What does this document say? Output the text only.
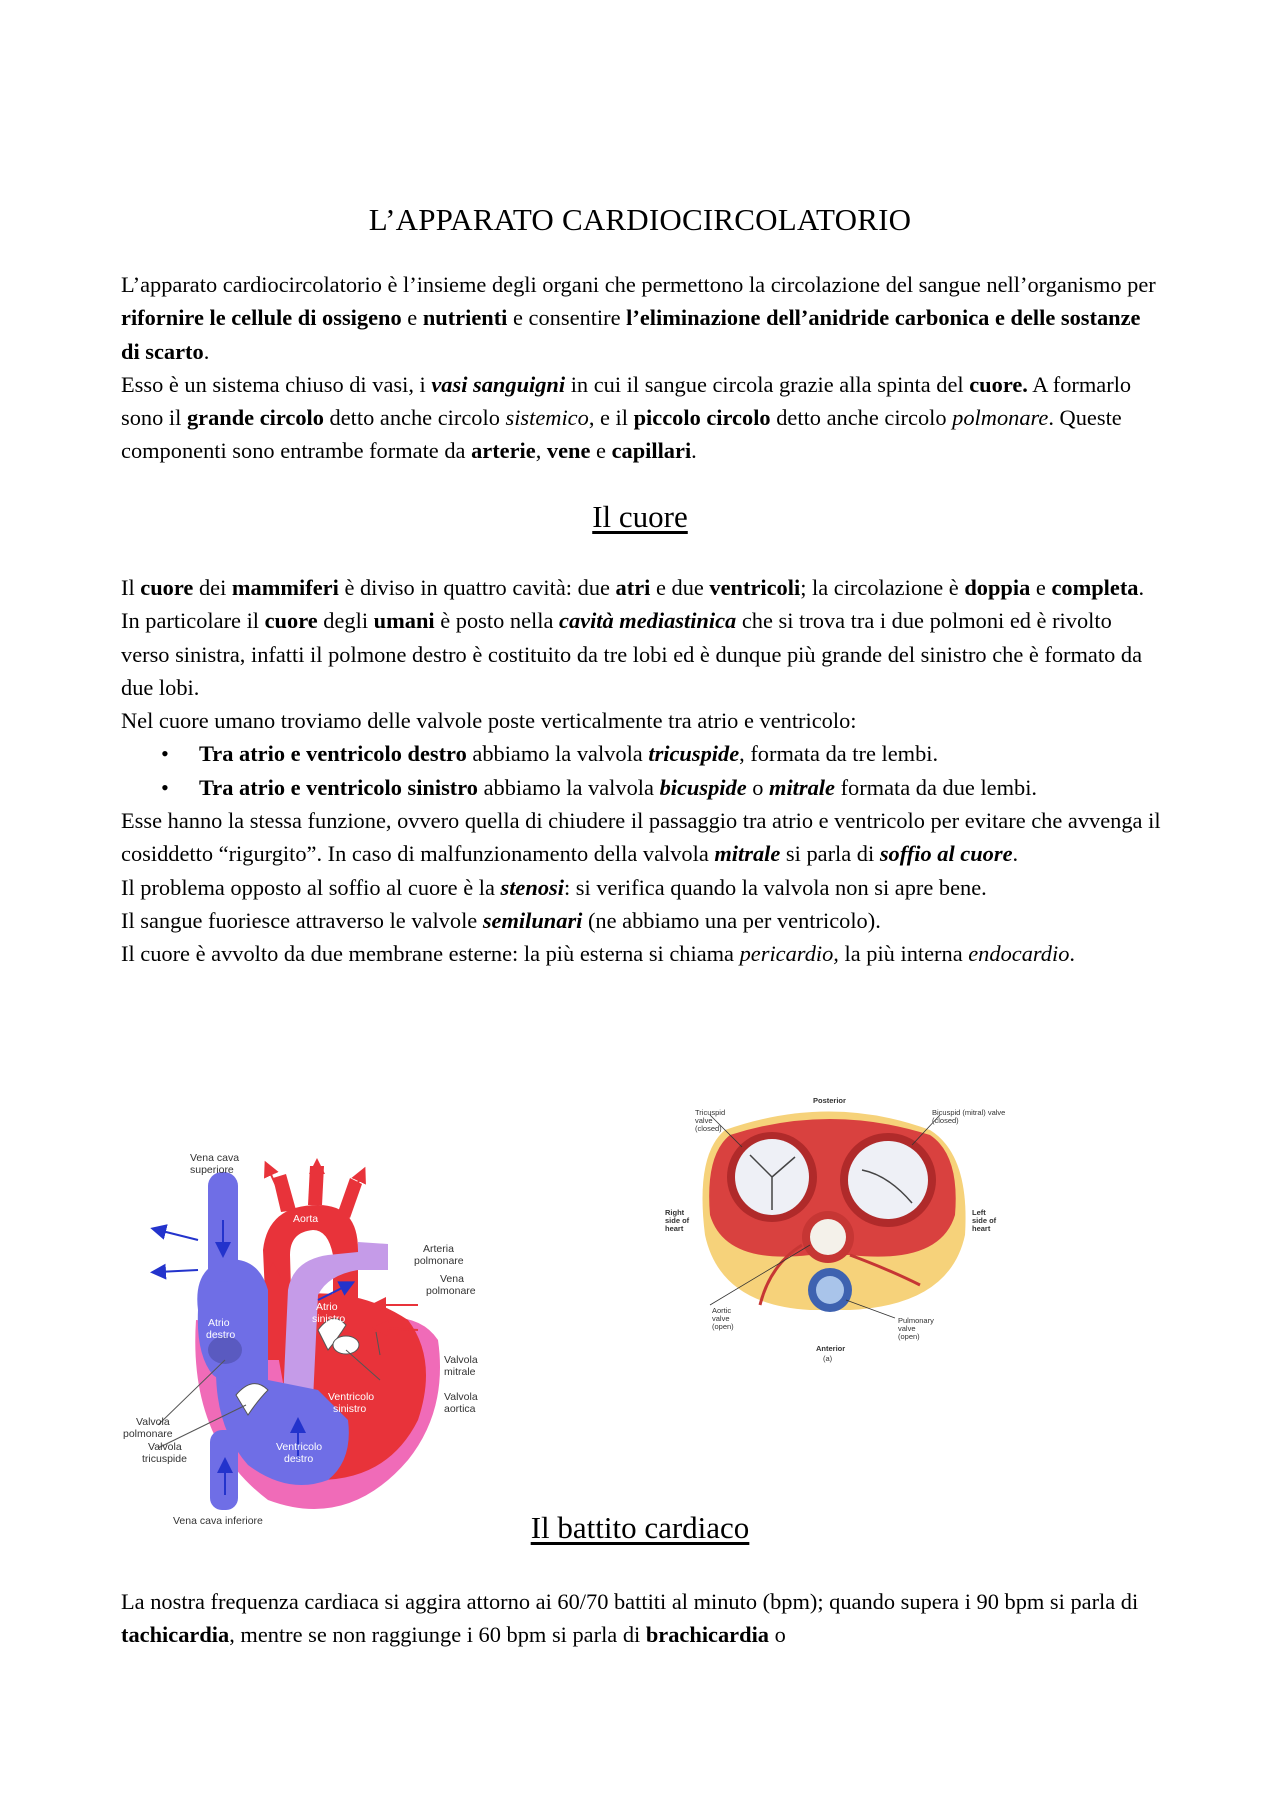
L’APPARATO CARDIOCIRCOLATORIO

L’apparato cardiocircolatorio è l’insieme degli organi che permettono la circolazione del sangue nell’organismo per rifornire le cellule di ossigeno e nutrienti e consentire l’eliminazione dell’anidride carbonica e delle sostanze di scarto.

Esso è un sistema chiuso di vasi, i vasi sanguigni in cui il sangue circola grazie alla spinta del cuore. A formarlo sono il grande circolo detto anche circolo sistemico, e il piccolo circolo detto anche circolo polmonare. Queste componenti sono entrambe formate da arterie, vene e capillari.

Il cuore

Il cuore dei mammiferi è diviso in quattro cavità: due atri e due ventricoli; la circolazione è doppia e completa. In particolare il cuore degli umani è posto nella cavità mediastinica che si trova tra i due polmoni ed è rivolto verso sinistra, infatti il polmone destro è costituito da tre lobi ed è dunque più grande del sinistro che è formato da due lobi.

Nel cuore umano troviamo delle valvole poste verticalmente tra atrio e ventricolo:

• Tra atrio e ventricolo destro abbiamo la valvola tricuspide, formata da tre lembi.
• Tra atrio e ventricolo sinistro abbiamo la valvola bicuspide o mitrale formata da due lembi.

Esse hanno la stessa funzione, ovvero quella di chiudere il passaggio tra atrio e ventricolo per evitare che avvenga il cosiddetto “rigurgito”. In caso di malfunzionamento della valvola mitrale si parla di soffio al cuore.

Il problema opposto al soffio al cuore è la stenosi: si verifica quando la valvola non si apre bene.

Il sangue fuoriesce attraverso le valvole semilunari (ne abbiamo una per ventricolo).

Il cuore è avvolto da due membrane esterne: la più esterna si chiama pericardio, la più interna endocardio.

Vena cava
superiore
Aorta
Arteria
polmonare
Vena
polmonare
Atrio
sinistro
Atrio
destro
Valvola
mitrale
Valvola
aortica
Ventricolo
sinistro
Ventricolo
destro
Valvola
polmonare
Valvola
tricuspide
Vena cava inferiore
Posterior
Tricuspid
valve
(closed)
Bicuspid (mitral) valve
(closed)
Right
side of
heart
Left
side of
heart
Aortic
valve
(open)
Pulmonary
valve
(open)
Anterior
(a)
Il battito cardiaco

La nostra frequenza cardiaca si aggira attorno ai 60/70 battiti al minuto (bpm); quando supera i 90 bpm si parla di tachicardia, mentre se non raggiunge i 60 bpm si parla di brachicardia o
